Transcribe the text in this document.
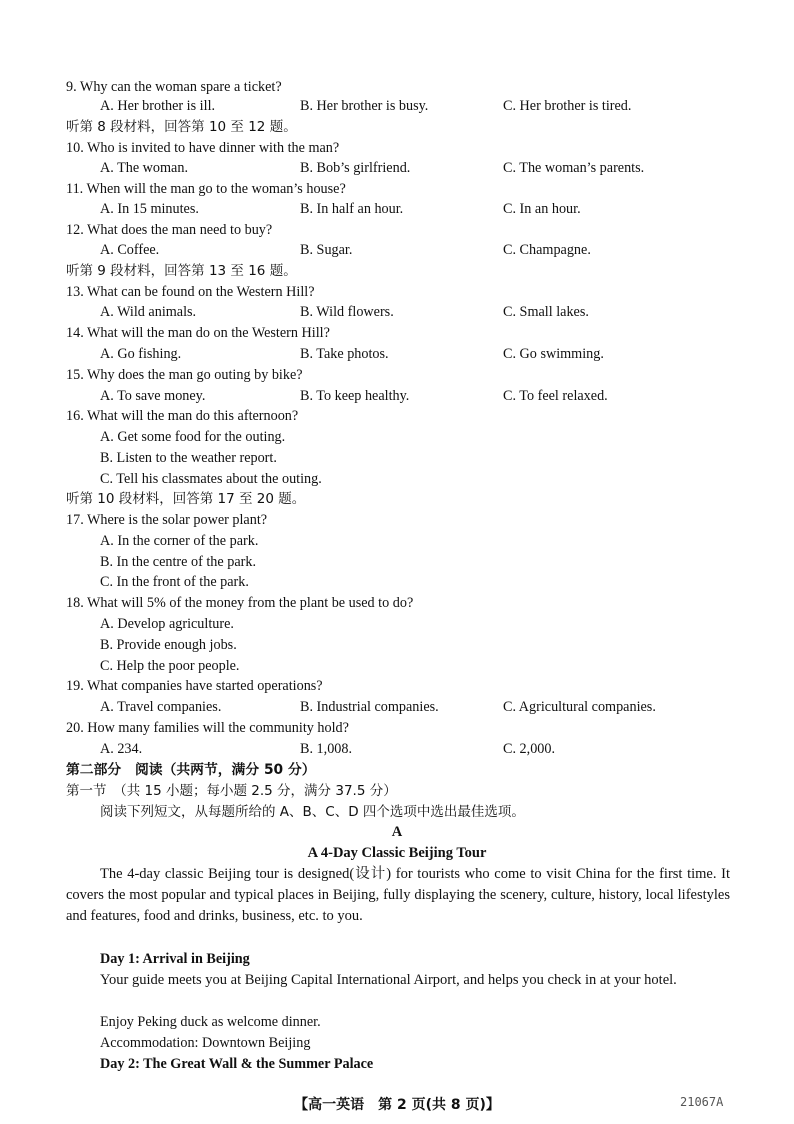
9. Why can the woman spare a ticket?
A. Her brother is ill.	B. Her brother is busy.	C. Her brother is tired.
听第 8 段材料，回答第 10 至 12 题。
10. Who is invited to have dinner with the man?
A. The woman.	B. Bob’s girlfriend.	C. The woman’s parents.
11. When will the man go to the woman’s house?
A. In 15 minutes.	B. In half an hour.	C. In an hour.
12. What does the man need to buy?
A. Coffee.	B. Sugar.	C. Champagne.
听第 9 段材料，回答第 13 至 16 题。
13. What can be found on the Western Hill?
A. Wild animals.	B. Wild flowers.	C. Small lakes.
14. What will the man do on the Western Hill?
A. Go fishing.	B. Take photos.	C. Go swimming.
15. Why does the man go outing by bike?
A. To save money.	B. To keep healthy.	C. To feel relaxed.
16. What will the man do this afternoon?
A. Get some food for the outing.
B. Listen to the weather report.
C. Tell his classmates about the outing.
听第 10 段材料，回答第 17 至 20 题。
17. Where is the solar power plant?
A. In the corner of the park.
B. In the centre of the park.
C. In the front of the park.
18. What will 5% of the money from the plant be used to do?
A. Develop agriculture.
B. Provide enough jobs.
C. Help the poor people.
19. What companies have started operations?
A. Travel companies.	B. Industrial companies.	C. Agricultural companies.
20. How many families will the community hold?
A. 234.	B. 1,008.	C. 2,000.
第二部分　阅读（共两节，满分 50 分）
第一节　（共 15 小题；每小题 2.5 分，满分 37.5 分）
阅读下列短文，从每题所给的 A、B、C、D 四个选项中选出最佳选项。
A
A 4-Day Classic Beijing Tour
The 4-day classic Beijing tour is designed(设计) for tourists who come to visit China for the first time. It covers the most popular and typical places in Beijing, fully displaying the scenery, culture, history, local lifestyles and features, food and drinks, business, etc. to you.
Day 1: Arrival in Beijing
Your guide meets you at Beijing Capital International Airport, and helps you check in at your hotel.
Enjoy Peking duck as welcome dinner.
Accommodation: Downtown Beijing
Day 2: The Great Wall & the Summer Palace
【高一英语　第 2 页(共 8 页)】	21067A
